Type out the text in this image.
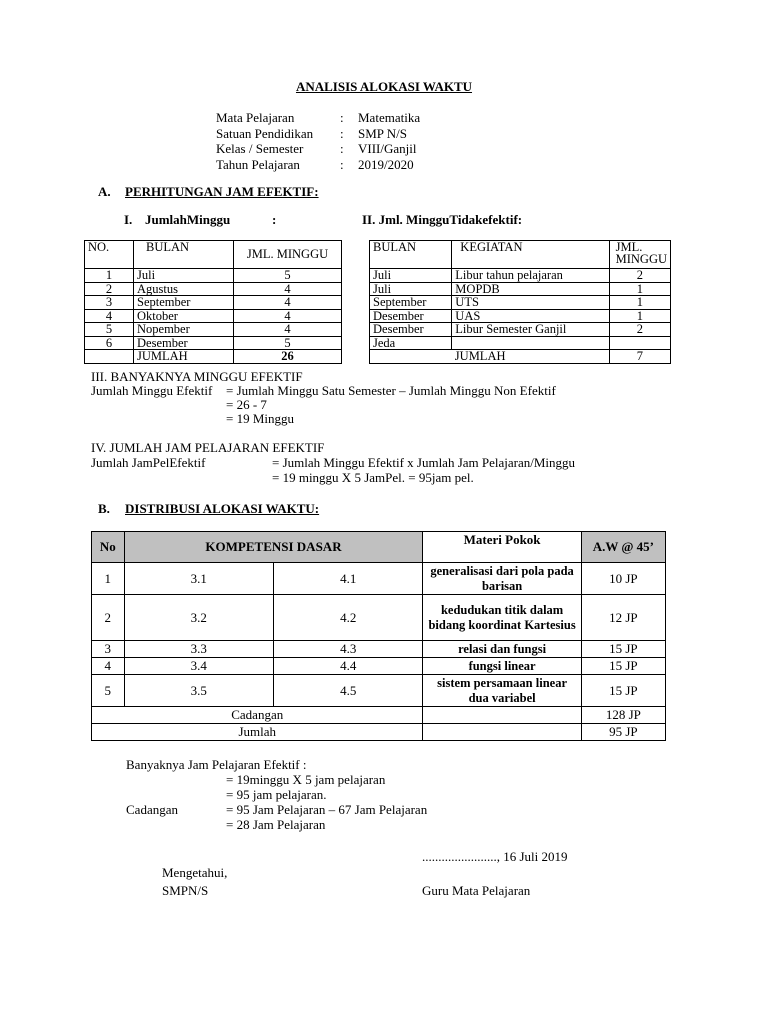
ANALISIS ALOKASI WAKTU
Mata Pelajaran	:	Matematika
Satuan Pendidikan	:	SMP N/S
Kelas / Semester	:	VIII/Ganjil
Tahun Pelajaran	:	2019/2020
A. PERHITUNGAN JAM EFEKTIF:
I. JumlahMinggu	:	II. Jml. MingguTidakefektif:
NO.	BULAN	JML. MINGGU
1	Juli	5
2	Agustus	4
3	September	4
4	Oktober	4
5	Nopember	4
6	Desember	5
	JUMLAH	26
BULAN	KEGIATAN	JML. MINGGU
Juli	Libur tahun pelajaran	2
Juli	MOPDB	1
September	UTS	1
Desember	UAS	1
Desember	Libur Semester Ganjil	2
Jeda		
	JUMLAH	7
III. BANYAKNYA MINGGU EFEKTIF
Jumlah Minggu Efektif = Jumlah Minggu Satu Semester – Jumlah Minggu Non Efektif
= 26 - 7
= 19 Minggu
IV. JUMLAH JAM PELAJARAN EFEKTIF
Jumlah JamPelEfektif	= Jumlah Minggu Efektif x Jumlah Jam Pelajaran/Minggu
= 19 minggu X 5 JamPel. = 95jam pel.
B. DISTRIBUSI ALOKASI WAKTU:
No	KOMPETENSI DASAR		Materi Pokok	A.W @ 45’
1	3.1	4.1	generalisasi dari pola pada barisan	10 JP
2	3.2	4.2	kedudukan titik dalam bidang koordinat Kartesius	12 JP
3	3.3	4.3	relasi dan fungsi	15 JP
4	3.4	4.4	fungsi linear	15 JP
5	3.5	4.5	sistem persamaan linear dua variabel	15 JP
Cadangan				128 JP
Jumlah				95 JP
Banyaknya Jam Pelajaran Efektif :
= 19minggu X 5 jam pelajaran
= 95 jam pelajaran.
Cadangan	= 95 Jam Pelajaran – 67 Jam Pelajaran
= 28 Jam Pelajaran
......................., 16 Juli 2019
Mengetahui,
SMPN/S	Guru Mata Pelajaran
